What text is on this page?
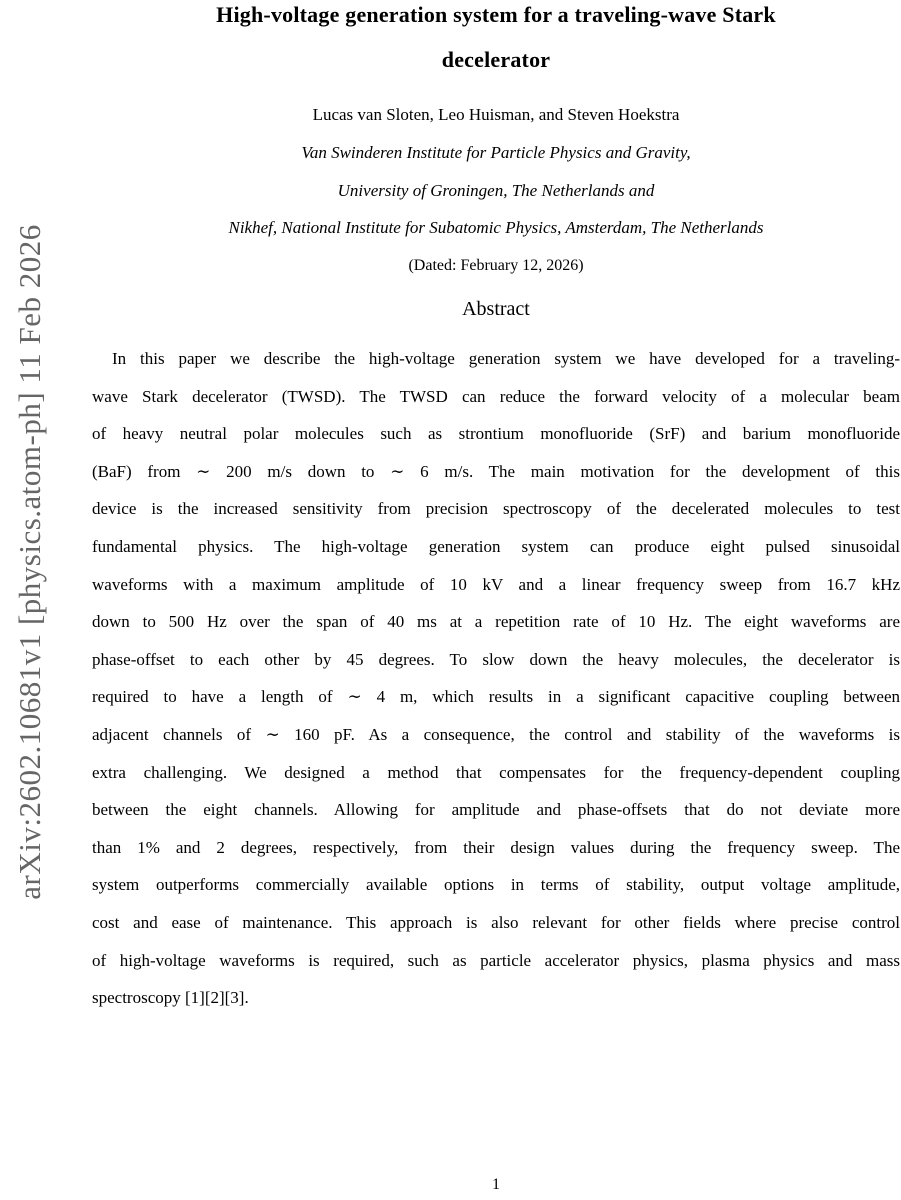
arXiv:2602.10681v1 [physics.atom-ph] 11 Feb 2026
High-voltage generation system for a traveling-wave Stark
decelerator
Lucas van Sloten, Leo Huisman, and Steven Hoekstra
Van Swinderen Institute for Particle Physics and Gravity,
University of Groningen, The Netherlands and
Nikhef, National Institute for Subatomic Physics, Amsterdam, The Netherlands
(Dated: February 12, 2026)
Abstract
In this paper we describe the high-voltage generation system we have developed for a traveling-
wave Stark decelerator (TWSD). The TWSD can reduce the forward velocity of a molecular beam
of heavy neutral polar molecules such as strontium monofluoride (SrF) and barium monofluoride
(BaF) from ∼ 200 m/s down to ∼ 6 m/s. The main motivation for the development of this
device is the increased sensitivity from precision spectroscopy of the decelerated molecules to test
fundamental physics. The high-voltage generation system can produce eight pulsed sinusoidal
waveforms with a maximum amplitude of 10 kV and a linear frequency sweep from 16.7 kHz
down to 500 Hz over the span of 40 ms at a repetition rate of 10 Hz. The eight waveforms are
phase-offset to each other by 45 degrees. To slow down the heavy molecules, the decelerator is
required to have a length of ∼ 4 m, which results in a significant capacitive coupling between
adjacent channels of ∼ 160 pF. As a consequence, the control and stability of the waveforms is
extra challenging. We designed a method that compensates for the frequency-dependent coupling
between the eight channels. Allowing for amplitude and phase-offsets that do not deviate more
than 1% and 2 degrees, respectively, from their design values during the frequency sweep. The
system outperforms commercially available options in terms of stability, output voltage amplitude,
cost and ease of maintenance. This approach is also relevant for other fields where precise control
of high-voltage waveforms is required, such as particle accelerator physics, plasma physics and mass
spectroscopy [1][2][3].
1
